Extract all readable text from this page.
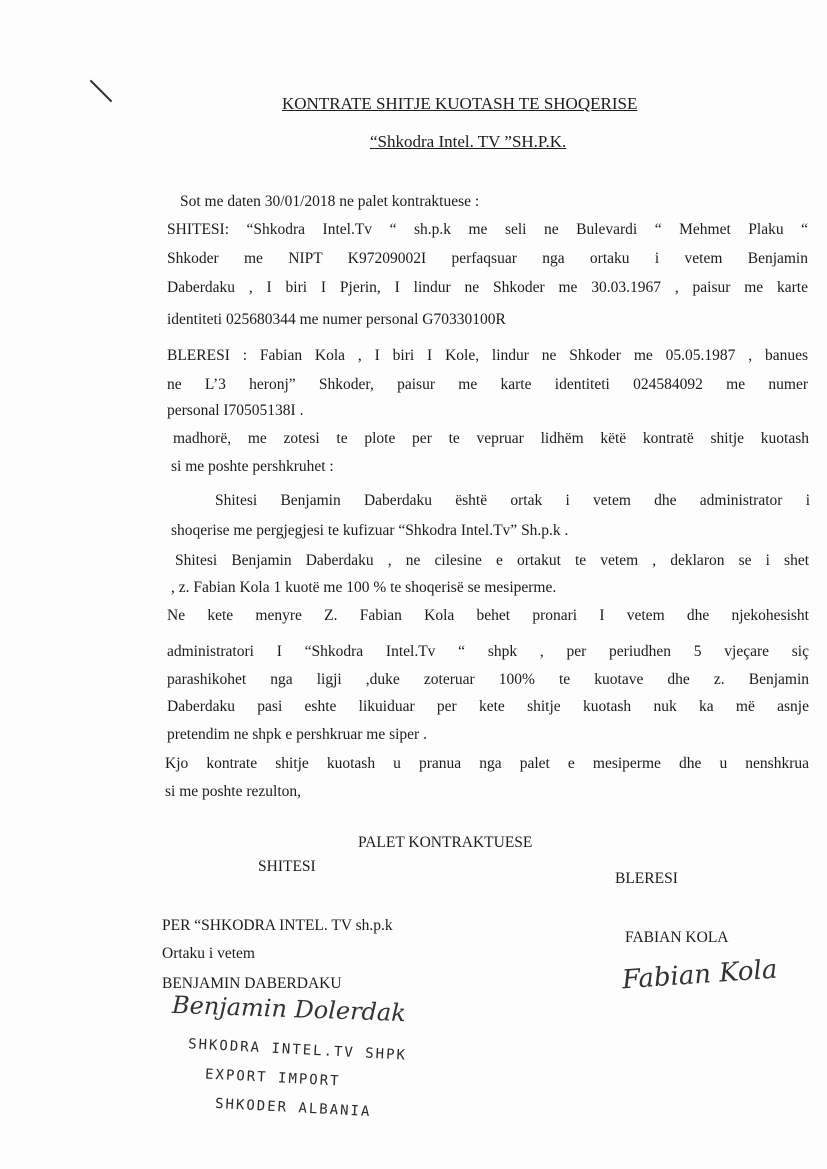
KONTRATE SHITJE KUOTASH TE SHOQERISE
“Shkodra Intel. TV ”SH.P.K.
Sot me daten 30/01/2018 ne palet kontraktuese :
SHITESI: “Shkodra Intel.Tv “ sh.p.k me seli ne Bulevardi “ Mehmet Plaku “
Shkoder me NIPT K97209002I perfaqsuar nga ortaku i vetem Benjamin
Daberdaku , I biri I Pjerin, I lindur ne Shkoder me 30.03.1967 , paisur me karte
identiteti 025680344 me numer personal G70330100R
BLERESI : Fabian Kola , I biri I Kole, lindur ne Shkoder me 05.05.1987 , banues
ne L’3 heronj” Shkoder, paisur me karte identiteti 024584092 me numer
personal I70505138I .
madhorë, me zotesi te plote per te vepruar lidhëm këtë kontratë shitje kuotash
si me poshte pershkruhet :
Shitesi Benjamin Daberdaku është ortak i vetem dhe administrator i
shoqerise me pergjegjesi te kufizuar “Shkodra Intel.Tv” Sh.p.k .
Shitesi Benjamin Daberdaku , ne cilesine e ortakut te vetem , deklaron se i shet
, z. Fabian Kola 1 kuotë me 100 % te shoqerisë se mesiperme.
Ne kete menyre Z. Fabian Kola behet pronari I vetem dhe njekohesisht
administratori I “Shkodra Intel.Tv “ shpk , per periudhen 5 vjeçare siç
parashikohet nga ligji ,duke zoteruar 100% te kuotave dhe z. Benjamin
Daberdaku pasi eshte likuiduar per kete shitje kuotash nuk ka më asnje
pretendim ne shpk e pershkruar me siper .
Kjo kontrate shitje kuotash u pranua nga palet e mesiperme dhe u nenshkrua
si me poshte rezulton,
PALET KONTRAKTUESE
SHITESI
BLERESI
PER “SHKODRA INTEL. TV sh.p.k
FABIAN KOLA
Ortaku i vetem
BENJAMIN DABERDAKU
Benjamin Dolerdak
Fabian Kola
SHKODRA INTEL.TV SHPK
EXPORT IMPORT
SHKODER ALBANIA
